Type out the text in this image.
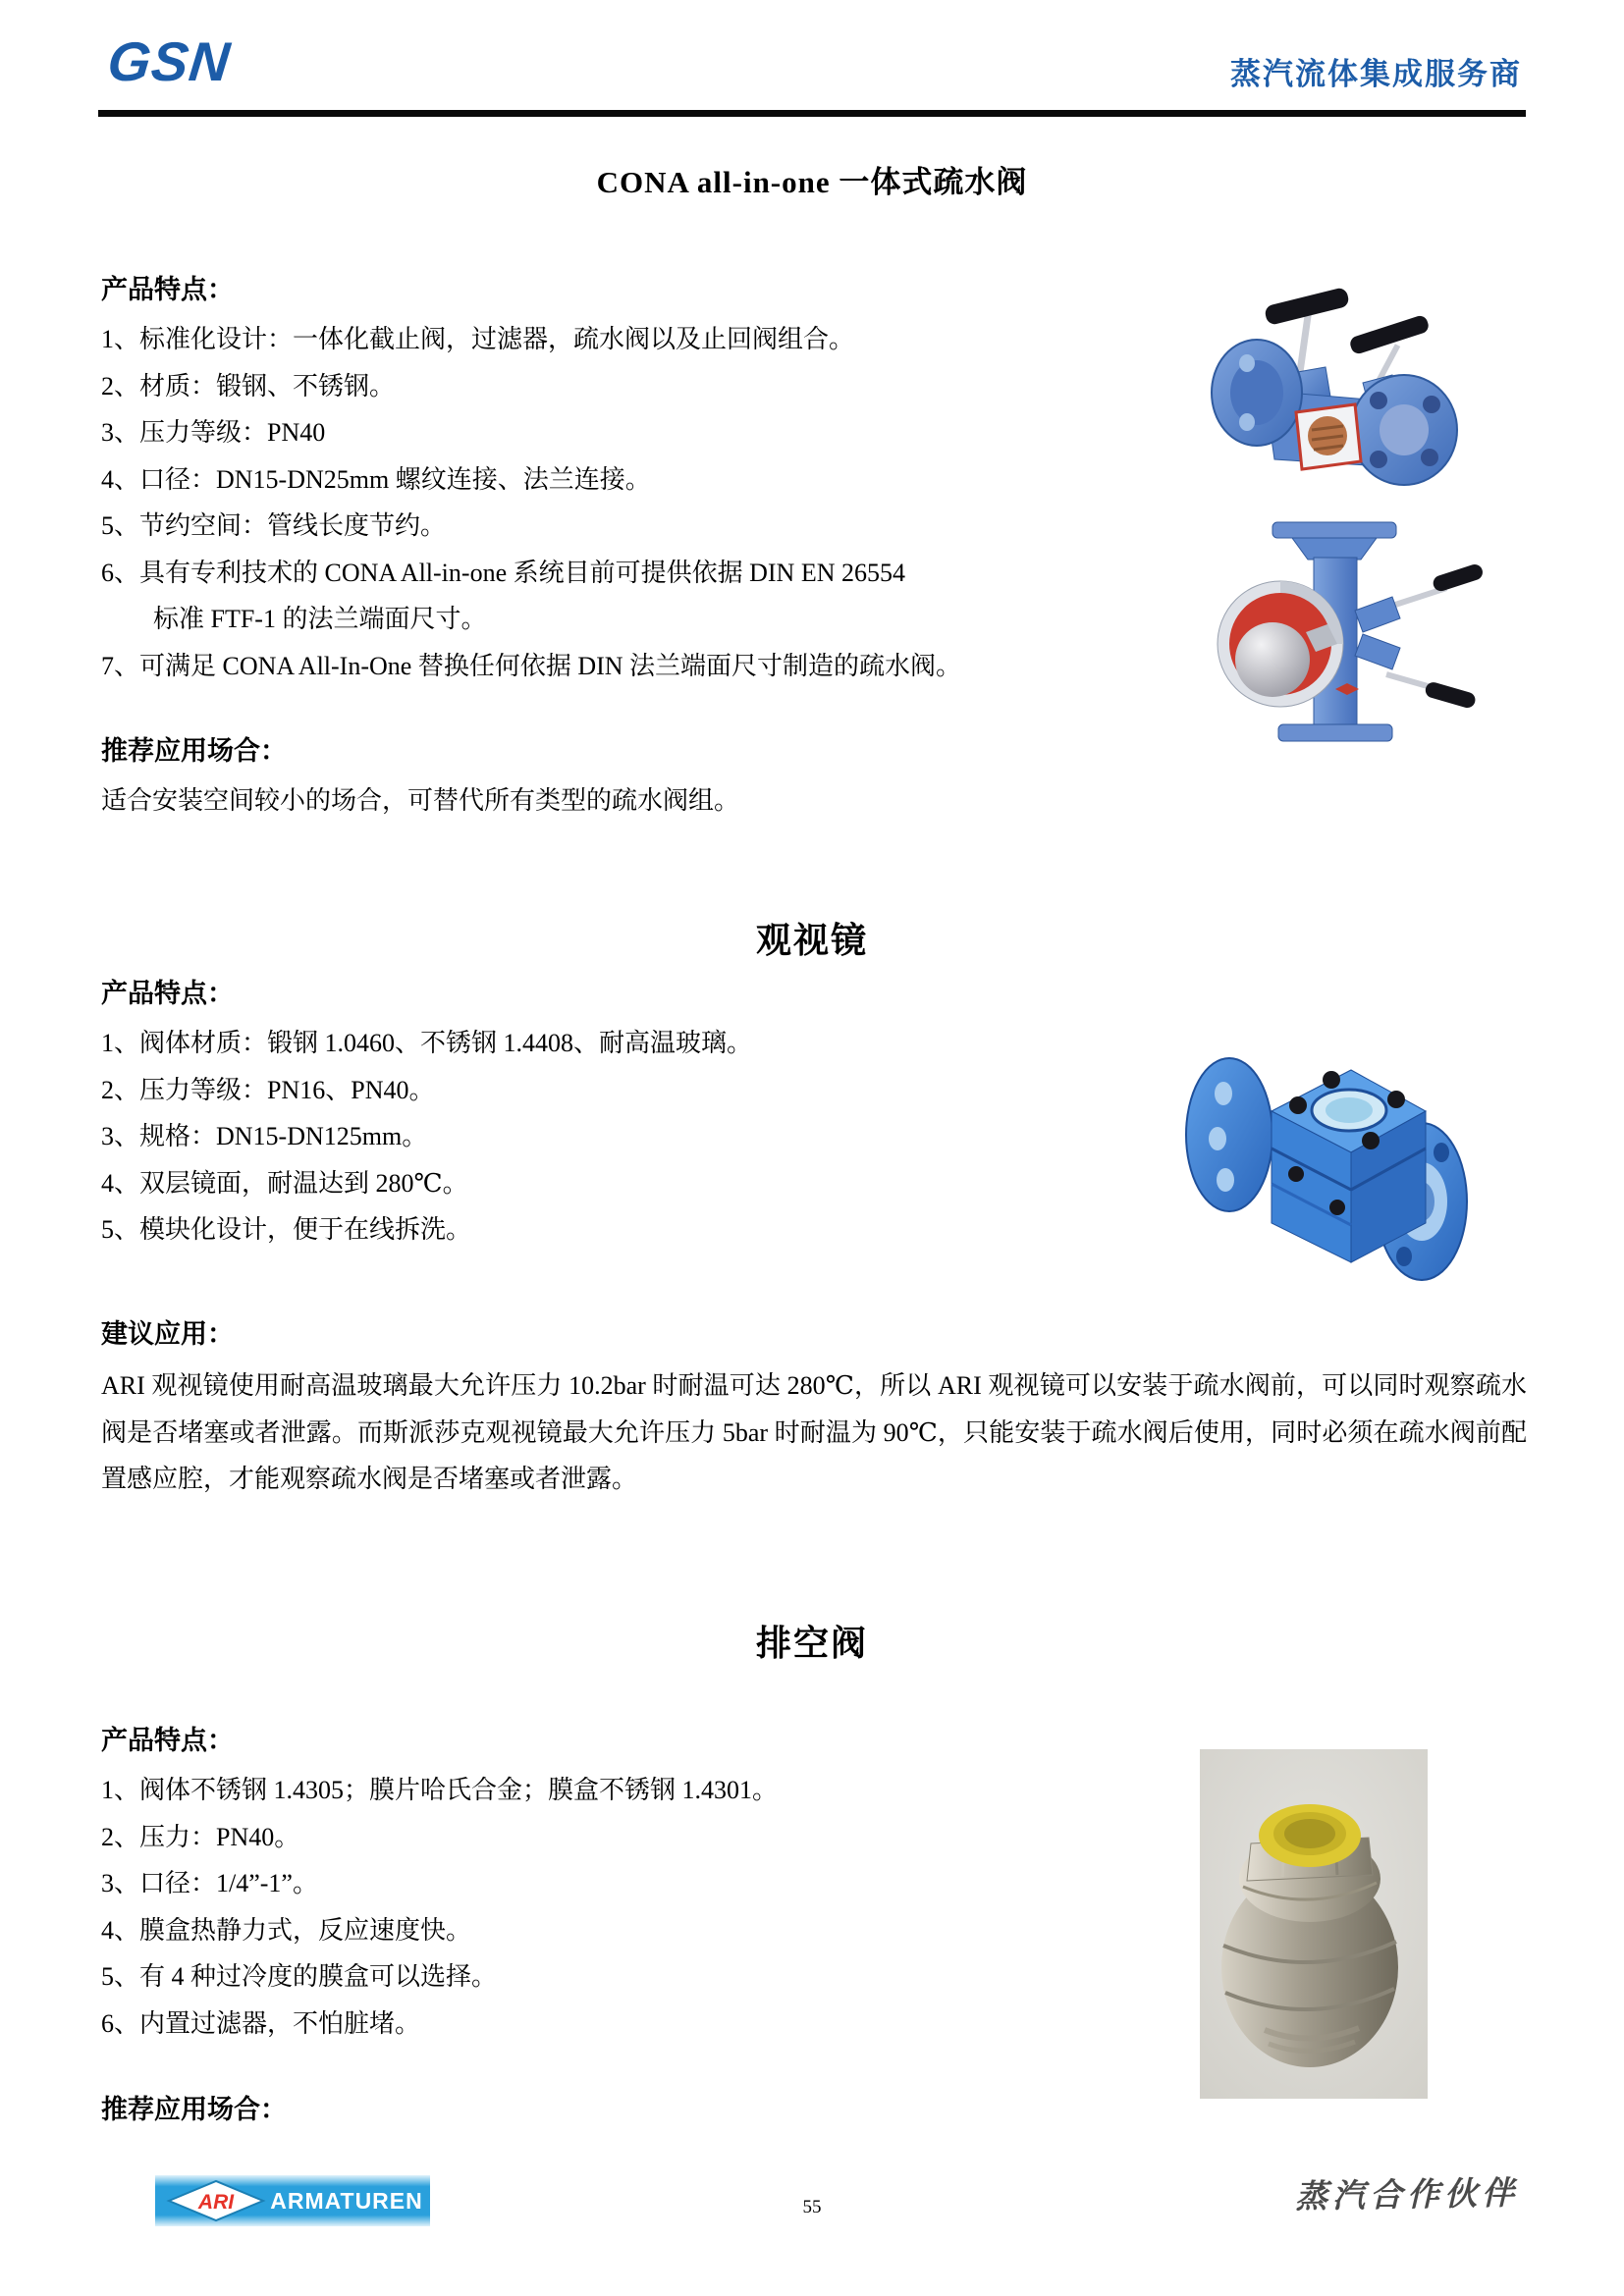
GSN	蒸汽流体集成服务商
CONA all-in-one 一体式疏水阀
产品特点：
1、标准化设计：一体化截止阀，过滤器，疏水阀以及止回阀组合。
2、材质：锻钢、不锈钢。
3、压力等级：PN40
4、口径：DN15-DN25mm 螺纹连接、法兰连接。
5、节约空间：管线长度节约。
6、具有专利技术的 CONA All-in-one 系统目前可提供依据 DIN EN 26554
标准 FTF-1 的法兰端面尺寸。
7、可满足 CONA All-In-One 替换任何依据 DIN 法兰端面尺寸制造的疏水阀。
推荐应用场合：
适合安装空间较小的场合，可替代所有类型的疏水阀组。
观视镜
产品特点：
1、阀体材质：锻钢 1.0460、不锈钢 1.4408、耐高温玻璃。
2、压力等级：PN16、PN40。
3、规格：DN15-DN125mm。
4、双层镜面，耐温达到 280℃。
5、模块化设计，便于在线拆洗。
建议应用：
ARI 观视镜使用耐高温玻璃最大允许压力 10.2bar 时耐温可达 280℃，所以 ARI 观视镜可以安装于疏水阀前，可以同时观察疏水阀是否堵塞或者泄露。而斯派莎克观视镜最大允许压力 5bar 时耐温为 90℃，只能安装于疏水阀后使用，同时必须在疏水阀前配置感应腔，才能观察疏水阀是否堵塞或者泄露。
排空阀
产品特点：
1、阀体不锈钢 1.4305；膜片哈氏合金；膜盒不锈钢 1.4301。
2、压力：PN40。
3、口径：1/4”-1”。
4、膜盒热静力式，反应速度快。
5、有 4 种过冷度的膜盒可以选择。
6、内置过滤器，不怕脏堵。
推荐应用场合：
ARI ARMATUREN	55	蒸汽合作伙伴
